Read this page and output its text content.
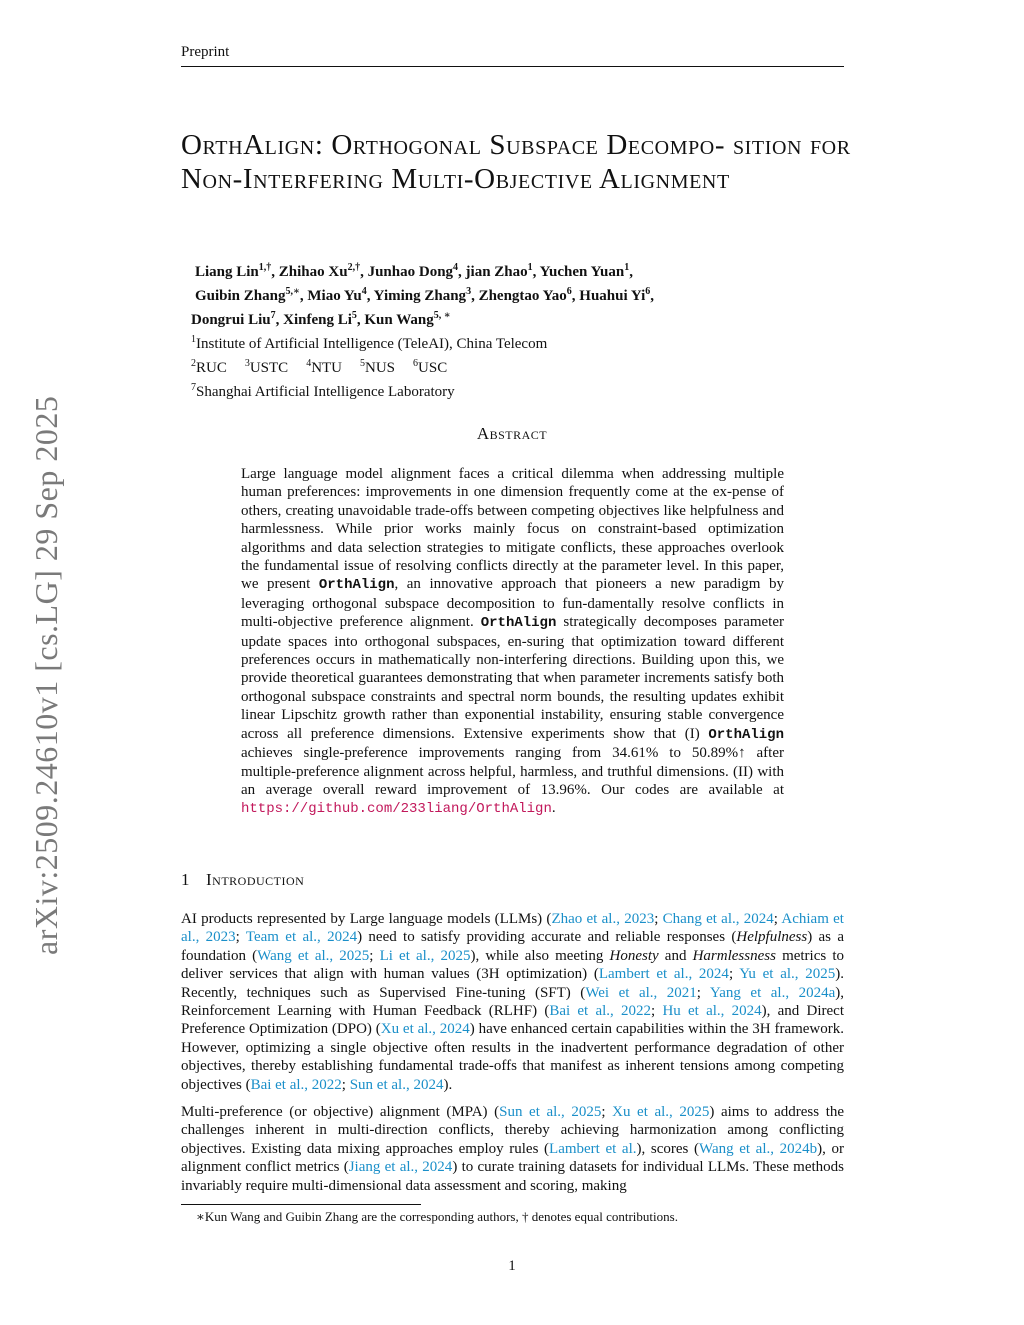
Preprint
arXiv:2509.24610v1 [cs.LG] 29 Sep 2025
OrthAlign: Orthogonal Subspace Decompo- sition for Non-Interfering Multi-Objective Alignment
Liang Lin$^{1,\dagger}$, Zhihao $Xu^{2,\dagger}$, Junhao Dong$^4$, jian Zhao$^1$, Yuchen Yuan$^1$,
Guibin Zhang$^{5,∗}$, Miao Yu$^4$, Yiming Zhang$^3$, Zhengtao Yao$^6$, Huahui Yi$^6$,
Dongrui Liu$^7$, Xinfeng Li$^5$, Kun Wang$^{5, ∗}$
$^1$Institute of Artificial Intelligence (TeleAI), China Telecom
$^2$RUC $^3$USTC $^4$NTU $^5$NUS $^6$USC
$^7$Shanghai Artificial Intelligence Laboratory
Abstract
Large language model alignment faces a critical dilemma when addressing multiple human preferences: improvements in one dimension frequently come at the ex-pense of others, creating unavoidable trade-offs between competing objectives like helpfulness and harmlessness. While prior works mainly focus on constraint-based optimization algorithms and data selection strategies to mitigate conflicts, these approaches overlook the fundamental issue of resolving conflicts directly at the parameter level. In this paper, we present OrthAlign, an innovative approach that pioneers a new paradigm by leveraging orthogonal subspace decomposition to fun-damentally resolve conflicts in multi-objective preference alignment. OrthAlign strategically decomposes parameter update spaces into orthogonal subspaces, en-suring that optimization toward different preferences occurs in mathematically non-interfering directions. Building upon this, we provide theoretical guarantees demonstrating that when parameter increments satisfy both orthogonal subspace constraints and spectral norm bounds, the resulting updates exhibit linear Lipschitz growth rather than exponential instability, ensuring stable convergence across all preference dimensions. Extensive experiments show that (I) OrthAlign achieves single-preference improvements ranging from 34.61% to 50.89%↑ after multiple-preference alignment across helpful, harmless, and truthful dimensions. (II) with an average overall reward improvement of 13.96%. Our codes are available at https://github.com/233liang/OrthAlign.
1 Introduction

AI products represented by Large language models (LLMs) (Zhao et al., 2023; Chang et al., 2024; Achiam et al., 2023; Team et al., 2024) need to satisfy providing accurate and reliable responses (Helpfulness) as a foundation (Wang et al., 2025; Li et al., 2025), while also meeting Honesty and Harmlessness metrics to deliver services that align with human values (3H optimization) (Lambert et al., 2024; Yu et al., 2025). Recently, techniques such as Supervised Fine-tuning (SFT) (Wei et al., 2021; Yang et al., 2024a), Reinforcement Learning with Human Feedback (RLHF) (Bai et al., 2022; Hu et al., 2024), and Direct Preference Optimization (DPO) (Xu et al., 2024) have enhanced certain capabilities within the 3H framework. However, optimizing a single objective often results in the inadvertent performance degradation of other objectives, thereby establishing fundamental trade-offs that manifest as inherent tensions among competing objectives (Bai et al., 2022; Sun et al., 2024).

Multi-preference (or objective) alignment (MPA) (Sun et al., 2025; Xu et al., 2025) aims to address the challenges inherent in multi-direction conflicts, thereby achieving harmonization among conflicting objectives. Existing data mixing approaches employ rules (Lambert et al.), scores (Wang et al., 2024b), or alignment conflict metrics (Jiang et al., 2024) to curate training datasets for individual LLMs. These methods invariably require multi-dimensional data assessment and scoring, making

∗Kun Wang and Guibin Zhang are the corresponding authors, † denotes equal contributions.
1
